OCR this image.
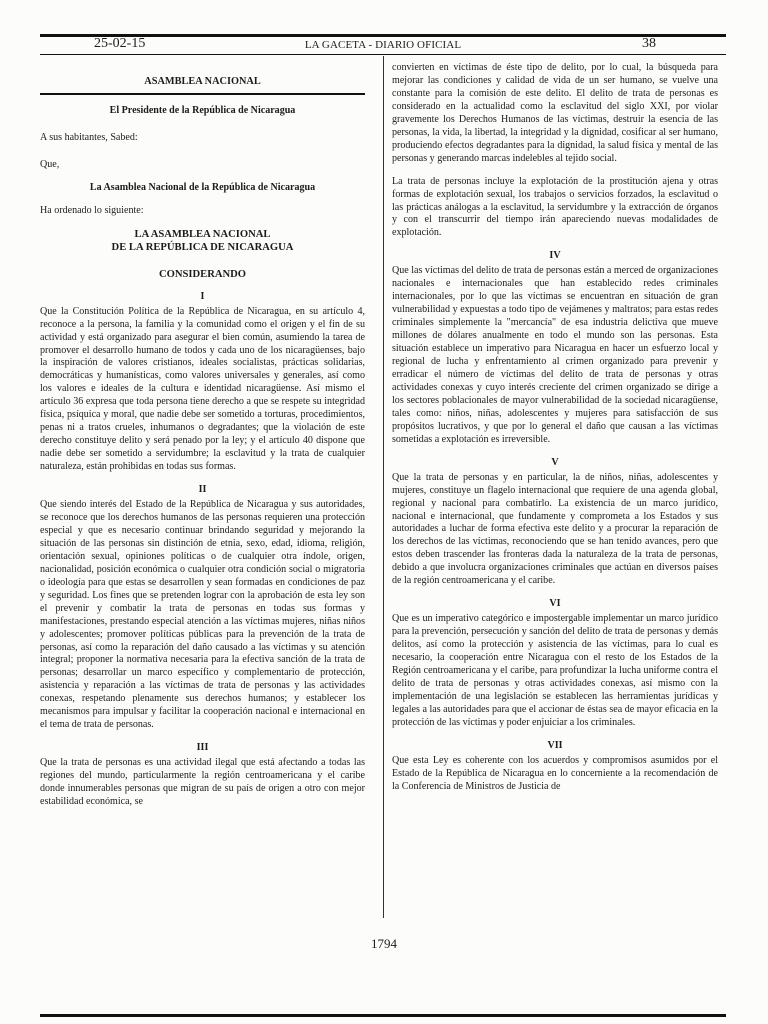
25-02-15	LA GACETA - DIARIO OFICIAL	38

ASAMBLEA NACIONAL

El Presidente de la República de Nicaragua

A sus habitantes, Sabed:

Que,

La Asamblea Nacional de la República de Nicaragua

Ha ordenado lo siguiente:

LA ASAMBLEA NACIONAL

DE LA REPÚBLICA DE NICARAGUA

CONSIDERANDO

I

Que la Constitución Política de la República de Nicaragua, en su artículo 4, reconoce a la persona, la familia y la comunidad como el origen y el fin de su actividad y está organizado para asegurar el bien común, asumiendo la tarea de promover el desarrollo humano de todos y cada uno de los nicaragüenses, bajo la inspiración de valores cristianos, ideales socialistas, prácticas solidarias, democráticas y humanísticas, como valores universales y generales, así como los valores e ideales de la cultura e identidad nicaragüense. Así mismo el artículo 36 expresa que toda persona tiene derecho a que se respete su integridad física, psíquica y moral, que nadie debe ser sometido a torturas, procedimientos, penas ni a tratos crueles, inhumanos o degradantes; que la violación de este derecho constituye delito y será penado por la ley; y el artículo 40 dispone que nadie debe ser sometido a servidumbre; la esclavitud y la trata de cualquier naturaleza, están prohibidas en todas sus formas.

II

Que siendo interés del Estado de la República de Nicaragua y sus autoridades, se reconoce que los derechos humanos de las personas requieren una protección especial y que es necesario continuar brindando seguridad y mejorando la situación de las personas sin distinción de etnia, sexo, edad, idioma, religión, orientación sexual, opiniones políticas o de cualquier otra índole, origen, nacionalidad, posición económica o cualquier otra condición social o migratoria o ideología para que estas se desarrollen y sean formadas en condiciones de paz y seguridad. Los fines que se pretenden lograr con la aprobación de esta ley son el prevenir y combatir la trata de personas en todas sus formas y manifestaciones, prestando especial atención a las víctimas mujeres, niñas niños y adolescentes; promover políticas públicas para la prevención de la trata de personas, así como la reparación del daño causado a las víctimas y su atención integral; proponer la normativa necesaria para la efectiva sanción de la trata de personas; desarrollar un marco específico y complementario de protección, asistencia y reparación a las víctimas de trata de personas y las actividades conexas, respetando plenamente sus derechos humanos; y establecer los mecanismos para impulsar y facilitar la cooperación nacional e internacional en el tema de trata de personas.

III

Que la trata de personas es una actividad ilegal que está afectando a todas las regiones del mundo, particularmente la región centroamericana y el caribe donde innumerables personas que migran de su país de origen a otro con mejor estabilidad económica, se

convierten en víctimas de éste tipo de delito, por lo cual, la búsqueda para mejorar las condiciones y calidad de vida de un ser humano, se vuelve una constante para la comisión de este delito. El delito de trata de personas es considerado en la actualidad como la esclavitud del siglo XXI, por violar gravemente los Derechos Humanos de las víctimas, destruir la esencia de las personas, la vida, la libertad, la integridad y la dignidad, cosificar al ser humano, produciendo efectos degradantes para la dignidad, la salud física y mental de las personas y generando marcas indelebles al tejido social.

La trata de personas incluye la explotación de la prostitución ajena y otras formas de explotación sexual, los trabajos o servicios forzados, la esclavitud o las prácticas análogas a la esclavitud, la servidumbre y la extracción de órganos y con el transcurrir del tiempo irán apareciendo nuevas modalidades de explotación.

IV

Que las víctimas del delito de trata de personas están a merced de organizaciones nacionales e internacionales que han establecido redes criminales internacionales, por lo que las víctimas se encuentran en situación de gran vulnerabilidad y expuestas a todo tipo de vejámenes y maltratos; para estas redes criminales simplemente la "mercancía" de esa industria delictiva que mueve millones de dólares anualmente en todo el mundo son las personas. Esta situación establece un imperativo para Nicaragua en hacer un esfuerzo local y regional de lucha y enfrentamiento al crimen organizado para prevenir y erradicar el número de víctimas del delito de trata de personas y otras actividades conexas y cuyo interés creciente del crimen organizado se dirige a los sectores poblacionales de mayor vulnerabilidad de la sociedad nicaragüense, tales como: niños, niñas, adolescentes y mujeres para satisfacción de sus propósitos lucrativos, y que por lo general el daño que causan a las víctimas sometidas a explotación es irreversible.

V

Que la trata de personas y en particular, la de niños, niñas, adolescentes y mujeres, constituye un flagelo internacional que requiere de una agenda global, regional y nacional para combatirlo. La existencia de un marco jurídico, nacional e internacional, que fundamente y comprometa a los Estados y sus autoridades a luchar de forma efectiva este delito y a procurar la reparación de los derechos de las víctimas, reconociendo que se han tenido avances, pero que estos deben trascender las fronteras dada la naturaleza de la trata de personas, debido a que involucra organizaciones criminales que actúan en diversos países de la región centroamericana y el caribe.

VI

Que es un imperativo categórico e impostergable implementar un marco jurídico para la prevención, persecución y sanción del delito de trata de personas y demás delitos, así como la protección y asistencia de las víctimas, para lo cual es necesario, la cooperación entre Nicaragua con el resto de los Estados de la Región centroamericana y el caribe, para profundizar la lucha uniforme contra el delito de trata de personas y otras actividades conexas, así mismo con la implementación de una legislación se establecen las herramientas jurídicas y legales a las autoridades para que el accionar de éstas sea de mayor eficacia en la protección de las víctimas y poder enjuiciar a los criminales.

VII

Que esta Ley es coherente con los acuerdos y compromisos asumidos por el Estado de la República de Nicaragua en lo concerniente a la recomendación de la Conferencia de Ministros de Justicia de

1794
